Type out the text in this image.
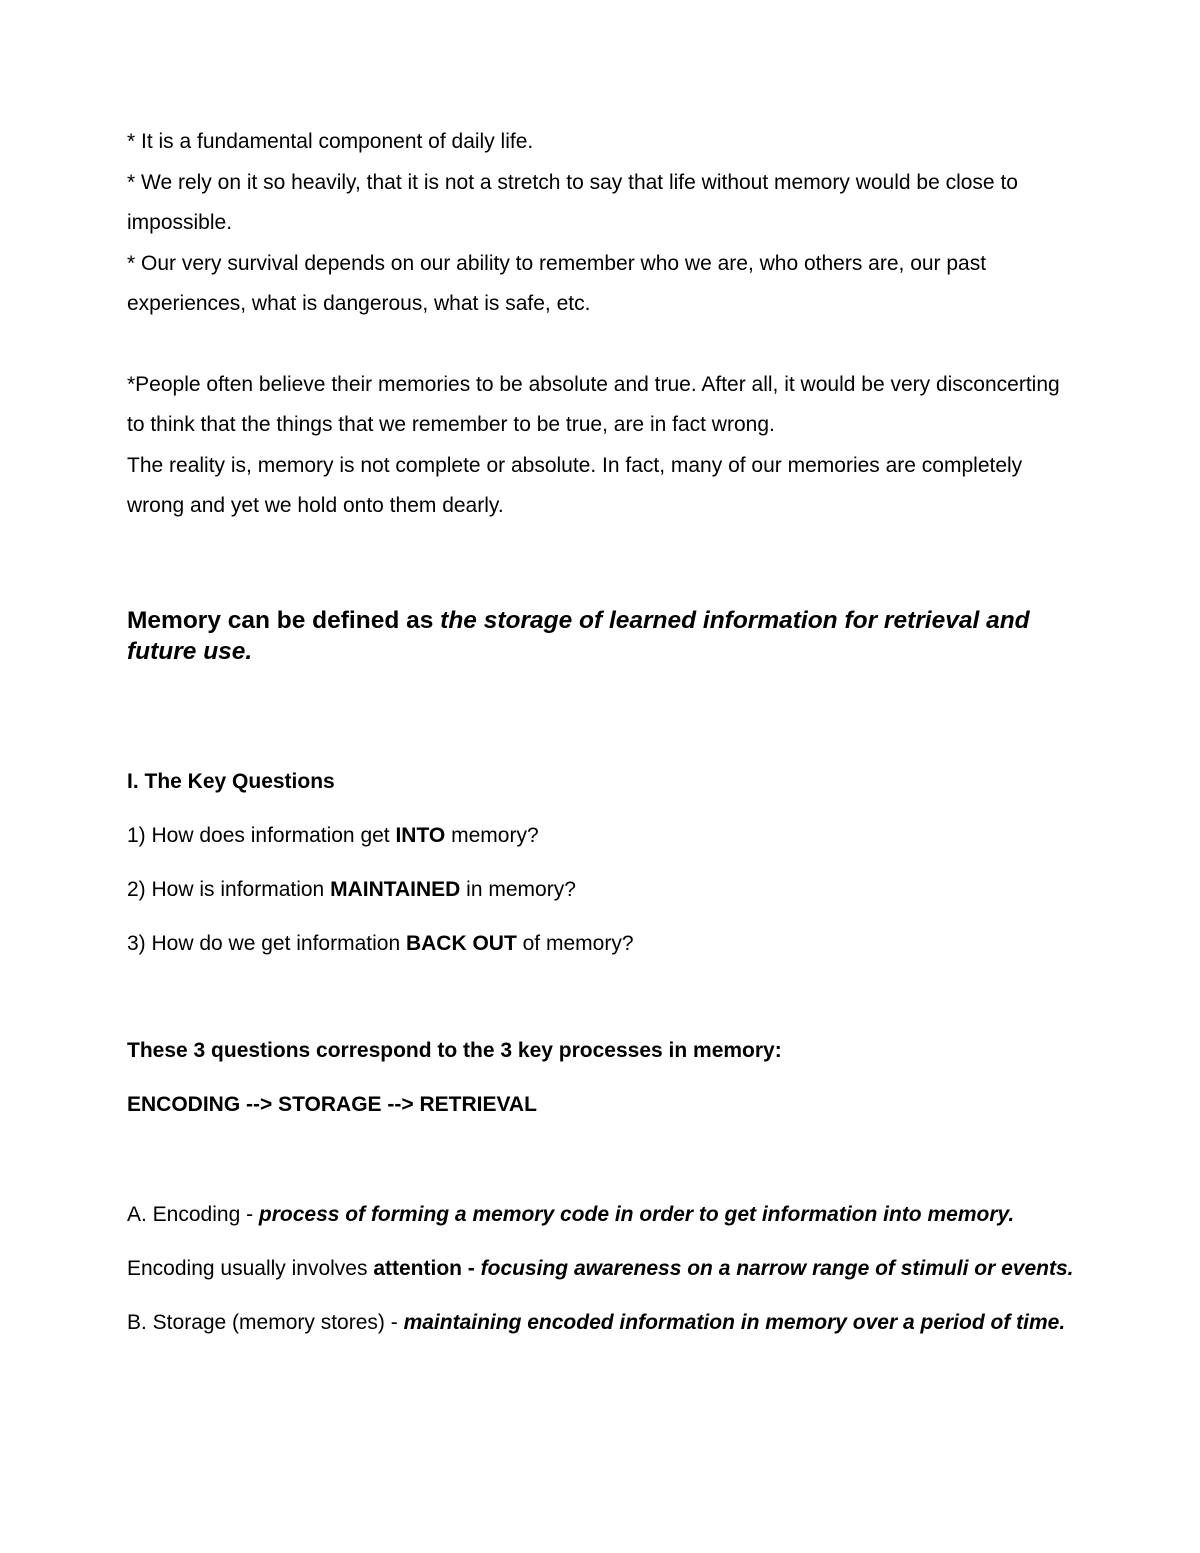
* It is a fundamental component of daily life.

* We rely on it so heavily, that it is not a stretch to say that life without memory would be close to impossible.

* Our very survival depends on our ability to remember who we are, who others are, our past experiences, what is dangerous, what is safe, etc.

*People often believe their memories to be absolute and true. After all, it would be very disconcerting to think that the things that we remember to be true, are in fact wrong.

The reality is, memory is not complete or absolute. In fact, many of our memories are completely wrong and yet we hold onto them dearly.

Memory can be defined as the storage of learned information for retrieval and future use.
I. The Key Questions

1) How does information get INTO memory?

2) How is information MAINTAINED in memory?

3) How do we get information BACK OUT of memory?

These 3 questions correspond to the 3 key processes in memory:
ENCODING --> STORAGE --> RETRIEVAL
A. Encoding - process of forming a memory code in order to get information into memory.
Encoding usually involves attention - focusing awareness on a narrow range of stimuli or events.
B. Storage (memory stores) - maintaining encoded information in memory over a period of time.
